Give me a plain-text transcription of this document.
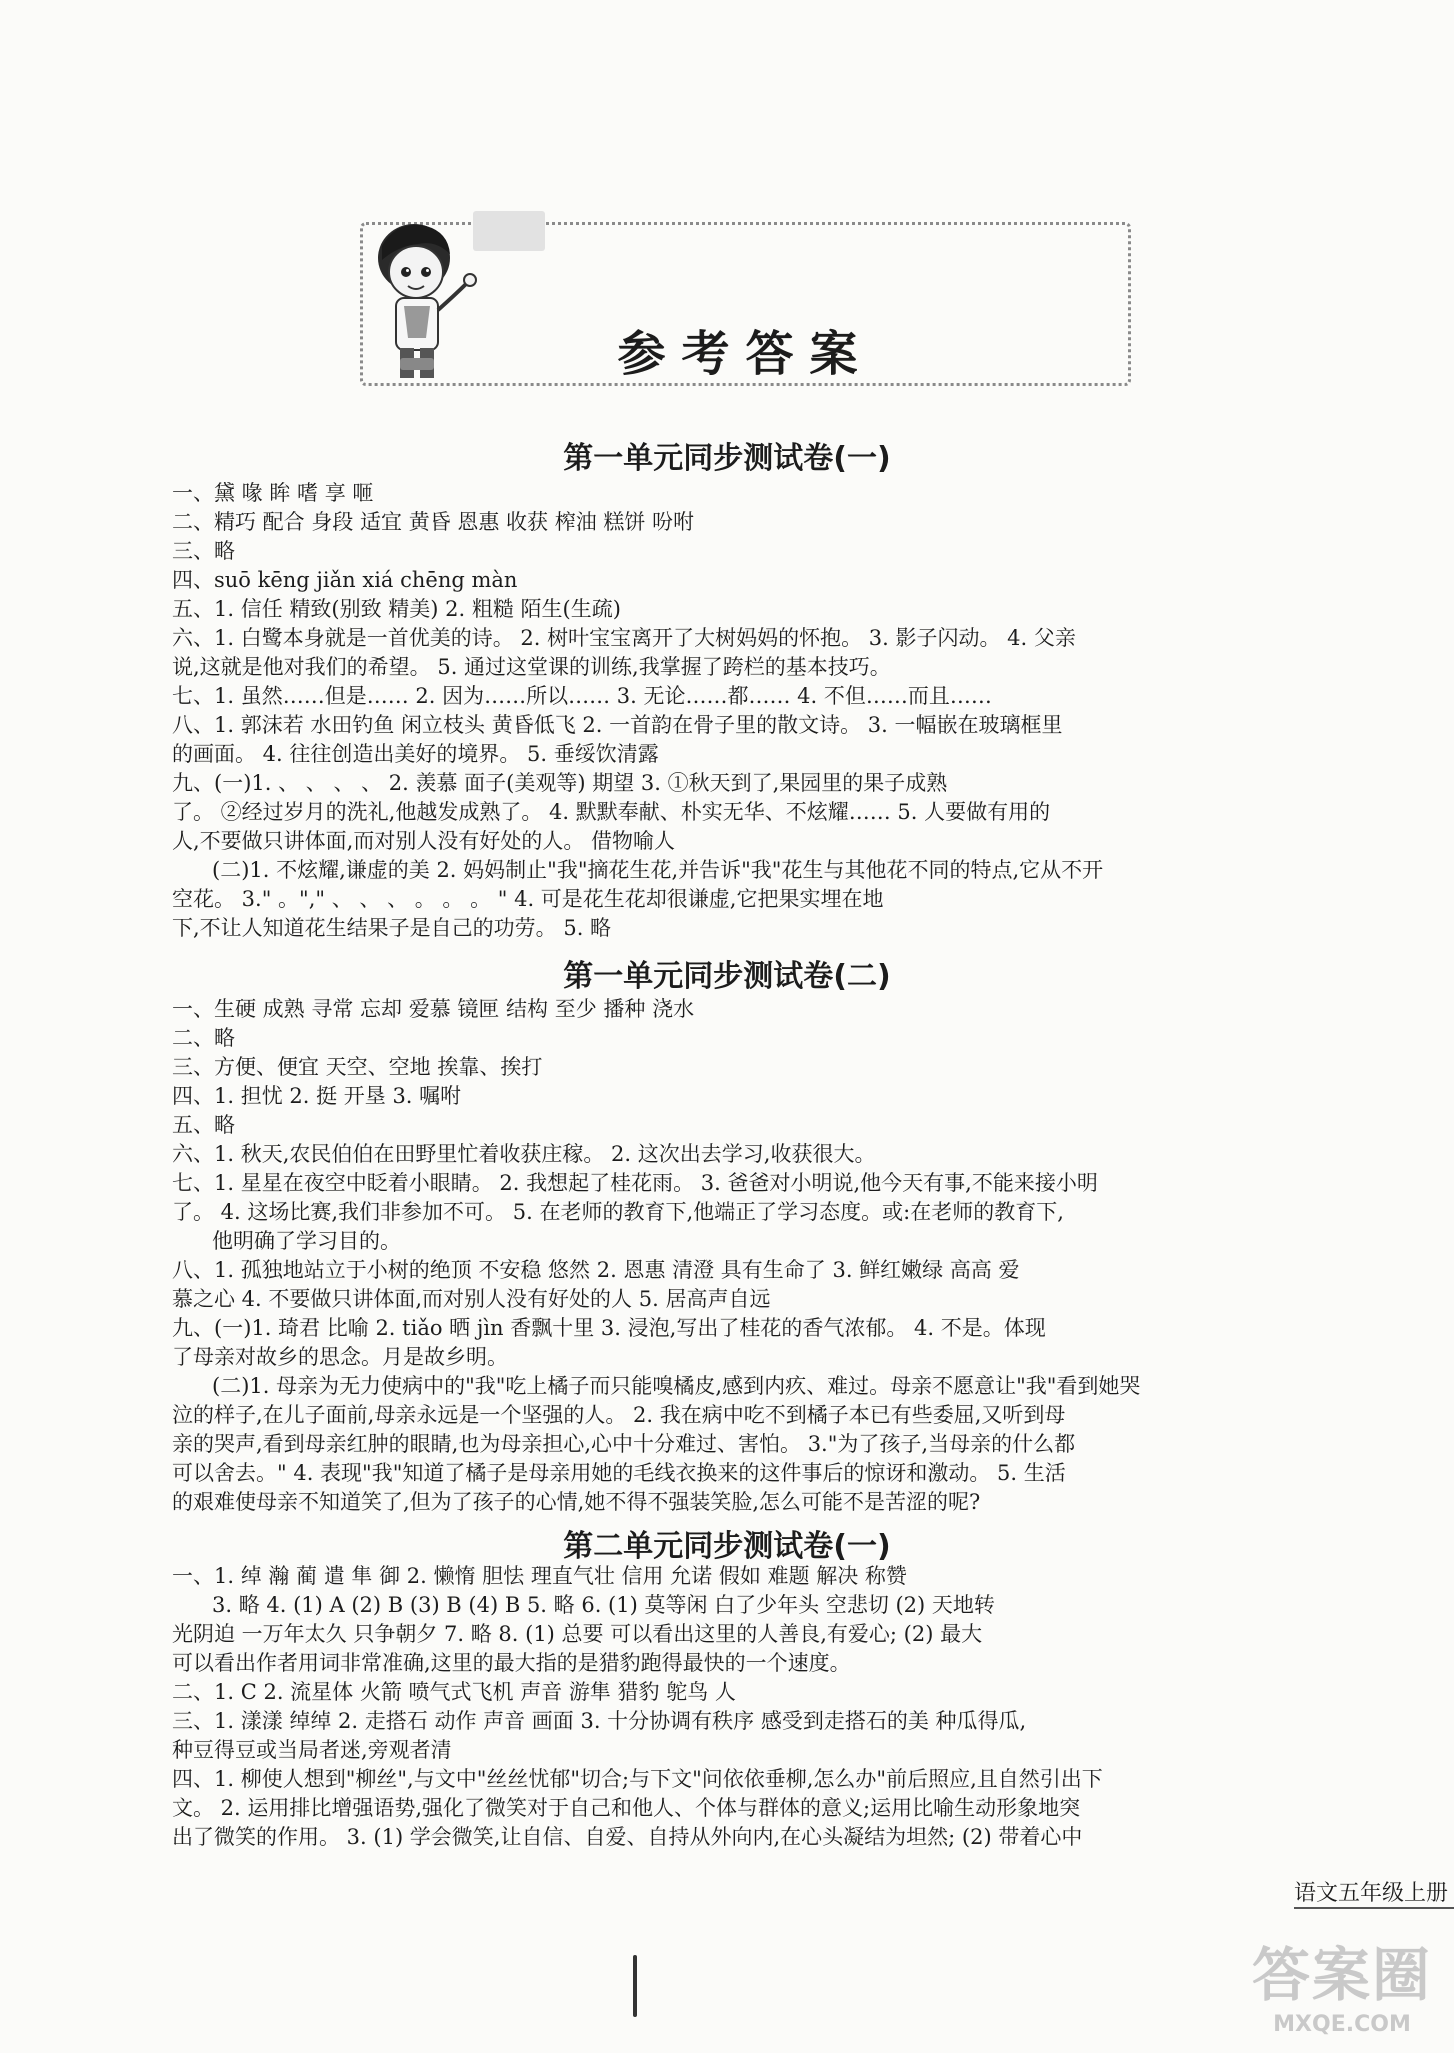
参考答案
第一单元同步测试卷(一)
一、黛 喙 眸 嗜 享 咂
二、精巧 配合 身段 适宜 黄昏 恩惠 收获 榨油 糕饼 吩咐
三、略
四、suō kēng jiǎn xiá chēng màn
五、1. 信任 精致(别致 精美) 2. 粗糙 陌生(生疏)
六、1. 白鹭本身就是一首优美的诗。 2. 树叶宝宝离开了大树妈妈的怀抱。 3. 影子闪动。 4. 父亲
说,这就是他对我们的希望。 5. 通过这堂课的训练,我掌握了跨栏的基本技巧。
七、1. 虽然……但是…… 2. 因为……所以…… 3. 无论……都…… 4. 不但……而且……
八、1. 郭沫若 水田钓鱼 闲立枝头 黄昏低飞 2. 一首韵在骨子里的散文诗。 3. 一幅嵌在玻璃框里
的画面。 4. 往往创造出美好的境界。 5. 垂绥饮清露
九、(一)1. 、 、 、 、 2. 羡慕 面子(美观等) 期望 3. ①秋天到了,果园里的果子成熟
了。 ②经过岁月的洗礼,他越发成熟了。 4. 默默奉献、朴实无华、不炫耀…… 5. 人要做有用的
人,不要做只讲体面,而对别人没有好处的人。 借物喻人
(二)1. 不炫耀,谦虚的美 2. 妈妈制止"我"摘花生花,并告诉"我"花生与其他花不同的特点,它从不开
空花。 3." 。"," 、 、 、 。 。 。 " 4. 可是花生花却很谦虚,它把果实埋在地
下,不让人知道花生结果子是自己的功劳。 5. 略
第一单元同步测试卷(二)
一、生硬 成熟 寻常 忘却 爱慕 镜匣 结构 至少 播种 浇水
二、略
三、方便、便宜 天空、空地 挨靠、挨打
四、1. 担忧 2. 挺 开垦 3. 嘱咐
五、略
六、1. 秋天,农民伯伯在田野里忙着收获庄稼。 2. 这次出去学习,收获很大。
七、1. 星星在夜空中眨着小眼睛。 2. 我想起了桂花雨。 3. 爸爸对小明说,他今天有事,不能来接小明
了。 4. 这场比赛,我们非参加不可。 5. 在老师的教育下,他端正了学习态度。或:在老师的教育下,
他明确了学习目的。
八、1. 孤独地站立于小树的绝顶 不安稳 悠然 2. 恩惠 清澄 具有生命了 3. 鲜红嫩绿 高高 爱
慕之心 4. 不要做只讲体面,而对别人没有好处的人 5. 居高声自远
九、(一)1. 琦君 比喻 2. tiǎo 晒 jìn 香飘十里 3. 浸泡,写出了桂花的香气浓郁。 4. 不是。体现
了母亲对故乡的思念。月是故乡明。
(二)1. 母亲为无力使病中的"我"吃上橘子而只能嗅橘皮,感到内疚、难过。母亲不愿意让"我"看到她哭
泣的样子,在儿子面前,母亲永远是一个坚强的人。 2. 我在病中吃不到橘子本已有些委屈,又听到母
亲的哭声,看到母亲红肿的眼睛,也为母亲担心,心中十分难过、害怕。 3."为了孩子,当母亲的什么都
可以舍去。" 4. 表现"我"知道了橘子是母亲用她的毛线衣换来的这件事后的惊讶和激动。 5. 生活
的艰难使母亲不知道笑了,但为了孩子的心情,她不得不强装笑脸,怎么可能不是苦涩的呢?
第二单元同步测试卷(一)
一、1. 绰 瀚 蔺 遣 隼 御 2. 懒惰 胆怯 理直气壮 信用 允诺 假如 难题 解决 称赞
3. 略 4. (1) A (2) B (3) B (4) B 5. 略 6. (1) 莫等闲 白了少年头 空悲切 (2) 天地转
光阴迫 一万年太久 只争朝夕 7. 略 8. (1) 总要 可以看出这里的人善良,有爱心; (2) 最大
可以看出作者用词非常准确,这里的最大指的是猎豹跑得最快的一个速度。
二、1. C 2. 流星体 火箭 喷气式飞机 声音 游隼 猎豹 鸵鸟 人
三、1. 漾漾 绰绰 2. 走搭石 动作 声音 画面 3. 十分协调有秩序 感受到走搭石的美 种瓜得瓜,
种豆得豆或当局者迷,旁观者清
四、1. 柳使人想到"柳丝",与文中"丝丝忧郁"切合;与下文"问依依垂柳,怎么办"前后照应,且自然引出下
文。 2. 运用排比增强语势,强化了微笑对于自己和他人、个体与群体的意义;运用比喻生动形象地突
出了微笑的作用。 3. (1) 学会微笑,让自信、自爱、自持从外向内,在心头凝结为坦然; (2) 带着心中
语文五年级上册
答案圈
MXQE.COM
